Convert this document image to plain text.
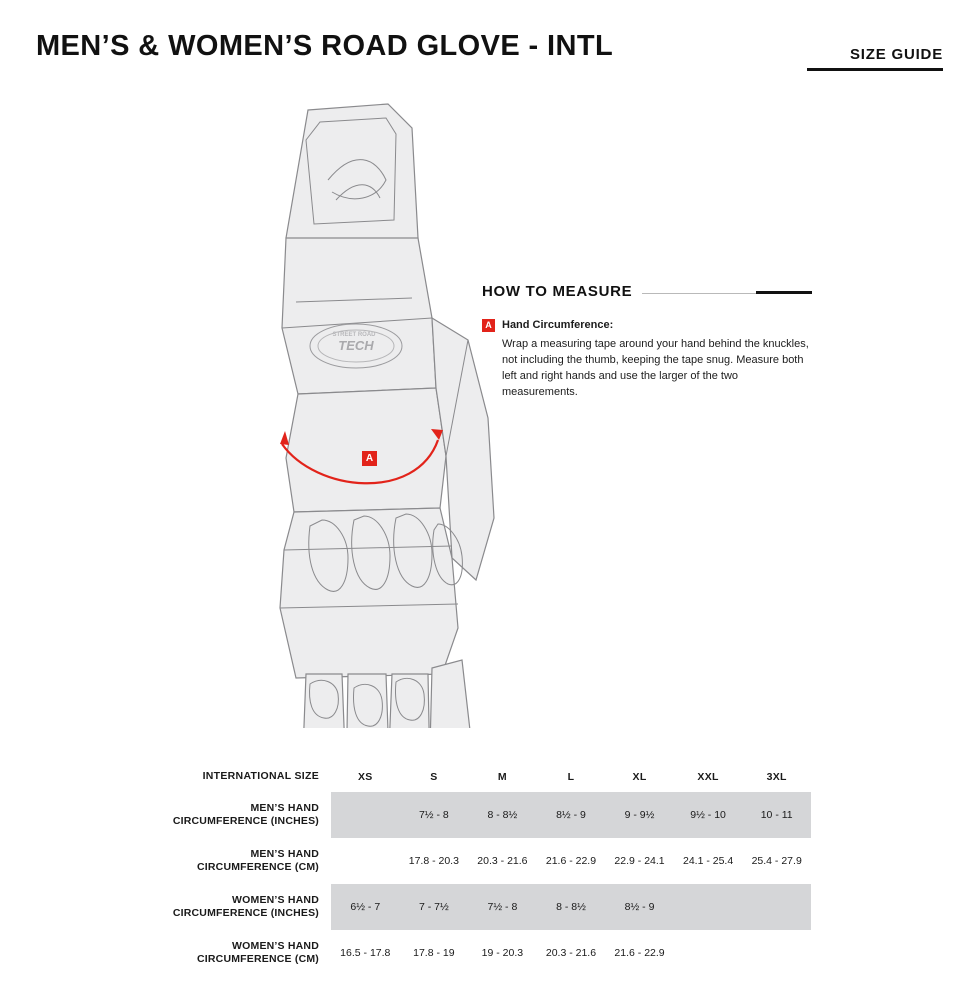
MEN’S & WOMEN’S ROAD GLOVE - INTL	SIZE GUIDE
TECH
STREET ROAD
A
HOW TO MEASURE
A Hand Circumference:

Wrap a measuring tape around your hand behind the knuckles, not including the thumb, keeping the tape snug. Measure both left and right hands and use the larger of the two measurements.

INTERNATIONAL SIZE	XS	S	M	L	XL	XXL	3XL

MEN’S HAND
CIRCUMFERENCE (INCHES)		7½ - 8	8 - 8½	8½ - 9	9 - 9½	9½ - 10	10 - 11

MEN’S HAND
CIRCUMFERENCE (CM)		17.8 - 20.3	20.3 - 21.6	21.6 - 22.9	22.9 - 24.1	24.1 - 25.4	25.4 - 27.9

WOMEN’S HAND
CIRCUMFERENCE (INCHES)	6½ - 7	7 - 7½	7½ - 8	8 - 8½	8½ - 9		

WOMEN’S HAND
CIRCUMFERENCE (CM)	16.5 - 17.8	17.8 - 19	19 - 20.3	20.3 - 21.6	21.6 - 22.9		
